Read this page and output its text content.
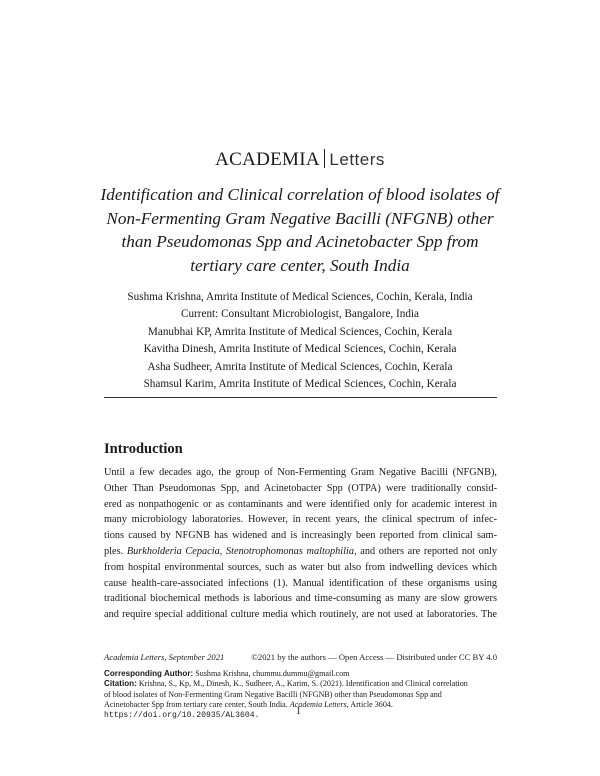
ACADEMIA Letters
Identification and Clinical correlation of blood isolates of
Non-Fermenting Gram Negative Bacilli (NFGNB) other
than Pseudomonas Spp and Acinetobacter Spp from
tertiary care center, South India
Sushma Krishna, Amrita Institute of Medical Sciences, Cochin, Kerala, India
Current: Consultant Microbiologist, Bangalore, India
Manubhai KP, Amrita Institute of Medical Sciences, Cochin, Kerala
Kavitha Dinesh, Amrita Institute of Medical Sciences, Cochin, Kerala
Asha Sudheer, Amrita Institute of Medical Sciences, Cochin, Kerala
Shamsul Karim, Amrita Institute of Medical Sciences, Cochin, Kerala
Introduction
Until a few decades ago, the group of Non-Fermenting Gram Negative Bacilli (NFGNB),
Other Than Pseudomonas Spp, and Acinetobacter Spp (OTPA) were traditionally consid-
ered as nonpathogenic or as contaminants and were identified only for academic interest in
many microbiology laboratories. However, in recent years, the clinical spectrum of infec-
tions caused by NFGNB has widened and is increasingly been reported from clinical sam-
ples. Burkholderia Cepacia, Stenotrophomonas maltophilia, and others are reported not only
from hospital environmental sources, such as water but also from indwelling devices which
cause health-care-associated infections (1). Manual identification of these organisms using
traditional biochemical methods is laborious and time-consuming as many are slow growers
and require special additional culture media which routinely, are not used at laboratories. The
Academia Letters, September 2021	©2021 by the authors — Open Access — Distributed under CC BY 4.0
Corresponding Author: Sushma Krishna, chummu.dummu@gmail.com
Citation: Krishna, S., Kp, M., Dinesh, K., Sudheer, A., Karim, S. (2021). Identification and Clinical correlation
of blood isolates of Non-Fermenting Gram Negative Bacilli (NFGNB) other than Pseudomonas Spp and
Acinetobacter Spp from tertiary care center, South India. Academia Letters, Article 3604.
https://doi.org/10.20935/AL3604.	1
